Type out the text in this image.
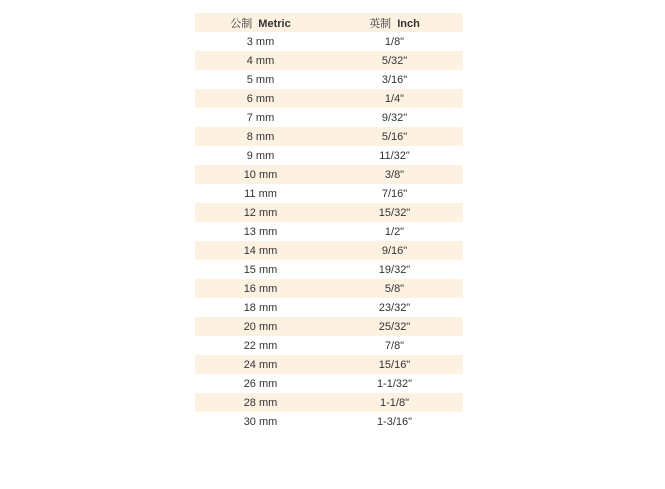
公制 Metric	英制 Inch
3 mm	1/8"
4 mm	5/32"
5 mm	3/16"
6 mm	1/4"
7 mm	9/32"
8 mm	5/16"
9 mm	11/32"
10 mm	3/8"
11 mm	7/16"
12 mm	15/32"
13 mm	1/2"
14 mm	9/16"
15 mm	19/32"
16 mm	5/8"
18 mm	23/32"
20 mm	25/32"
22 mm	7/8"
24 mm	15/16"
26 mm	1-1/32"
28 mm	1-1/8"
30 mm	1-3/16"
